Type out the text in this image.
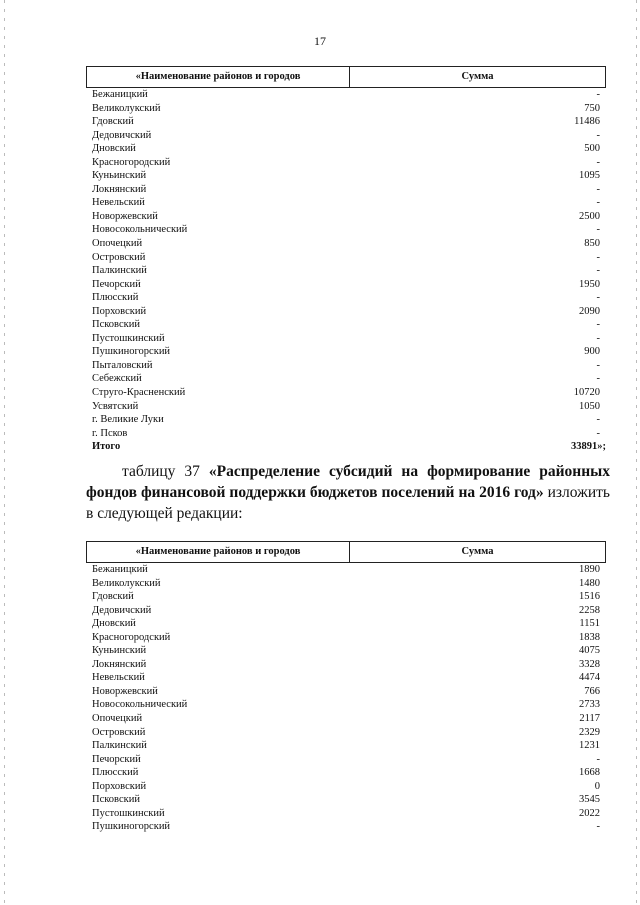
17
«Наименование районов и городов	Сумма
Бежаницкий	-
Великолукский	750
Гдовский	11486
Дедовичский	-
Дновский	500
Красногородский	-
Куньинский	1095
Локнянский	-
Невельский	-
Новоржевский	2500
Новосокольнический	-
Опочецкий	850
Островский	-
Палкинский	-
Печорский	1950
Плюсский	-
Порховский	2090
Псковский	-
Пустошкинский	-
Пушкиногорский	900
Пыталовский	-
Себежский	-
Струго-Красненский	10720
Усвятский	1050
г. Великие Луки	-
г. Псков	-
Итого	33891»;
таблицу 37 «Распределение субсидий на формирование районных фондов финансовой поддержки бюджетов поселений на 2016 год» изложить в следующей редакции:
«Наименование районов и городов	Сумма
Бежаницкий	1890
Великолукский	1480
Гдовский	1516
Дедовичский	2258
Дновский	1151
Красногородский	1838
Куньинский	4075
Локнянский	3328
Невельский	4474
Новоржевский	766
Новосокольнический	2733
Опочецкий	2117
Островский	2329
Палкинский	1231
Печорский	-
Плюсский	1668
Порховский	0
Псковский	3545
Пустошкинский	2022
Пушкиногорский	-
